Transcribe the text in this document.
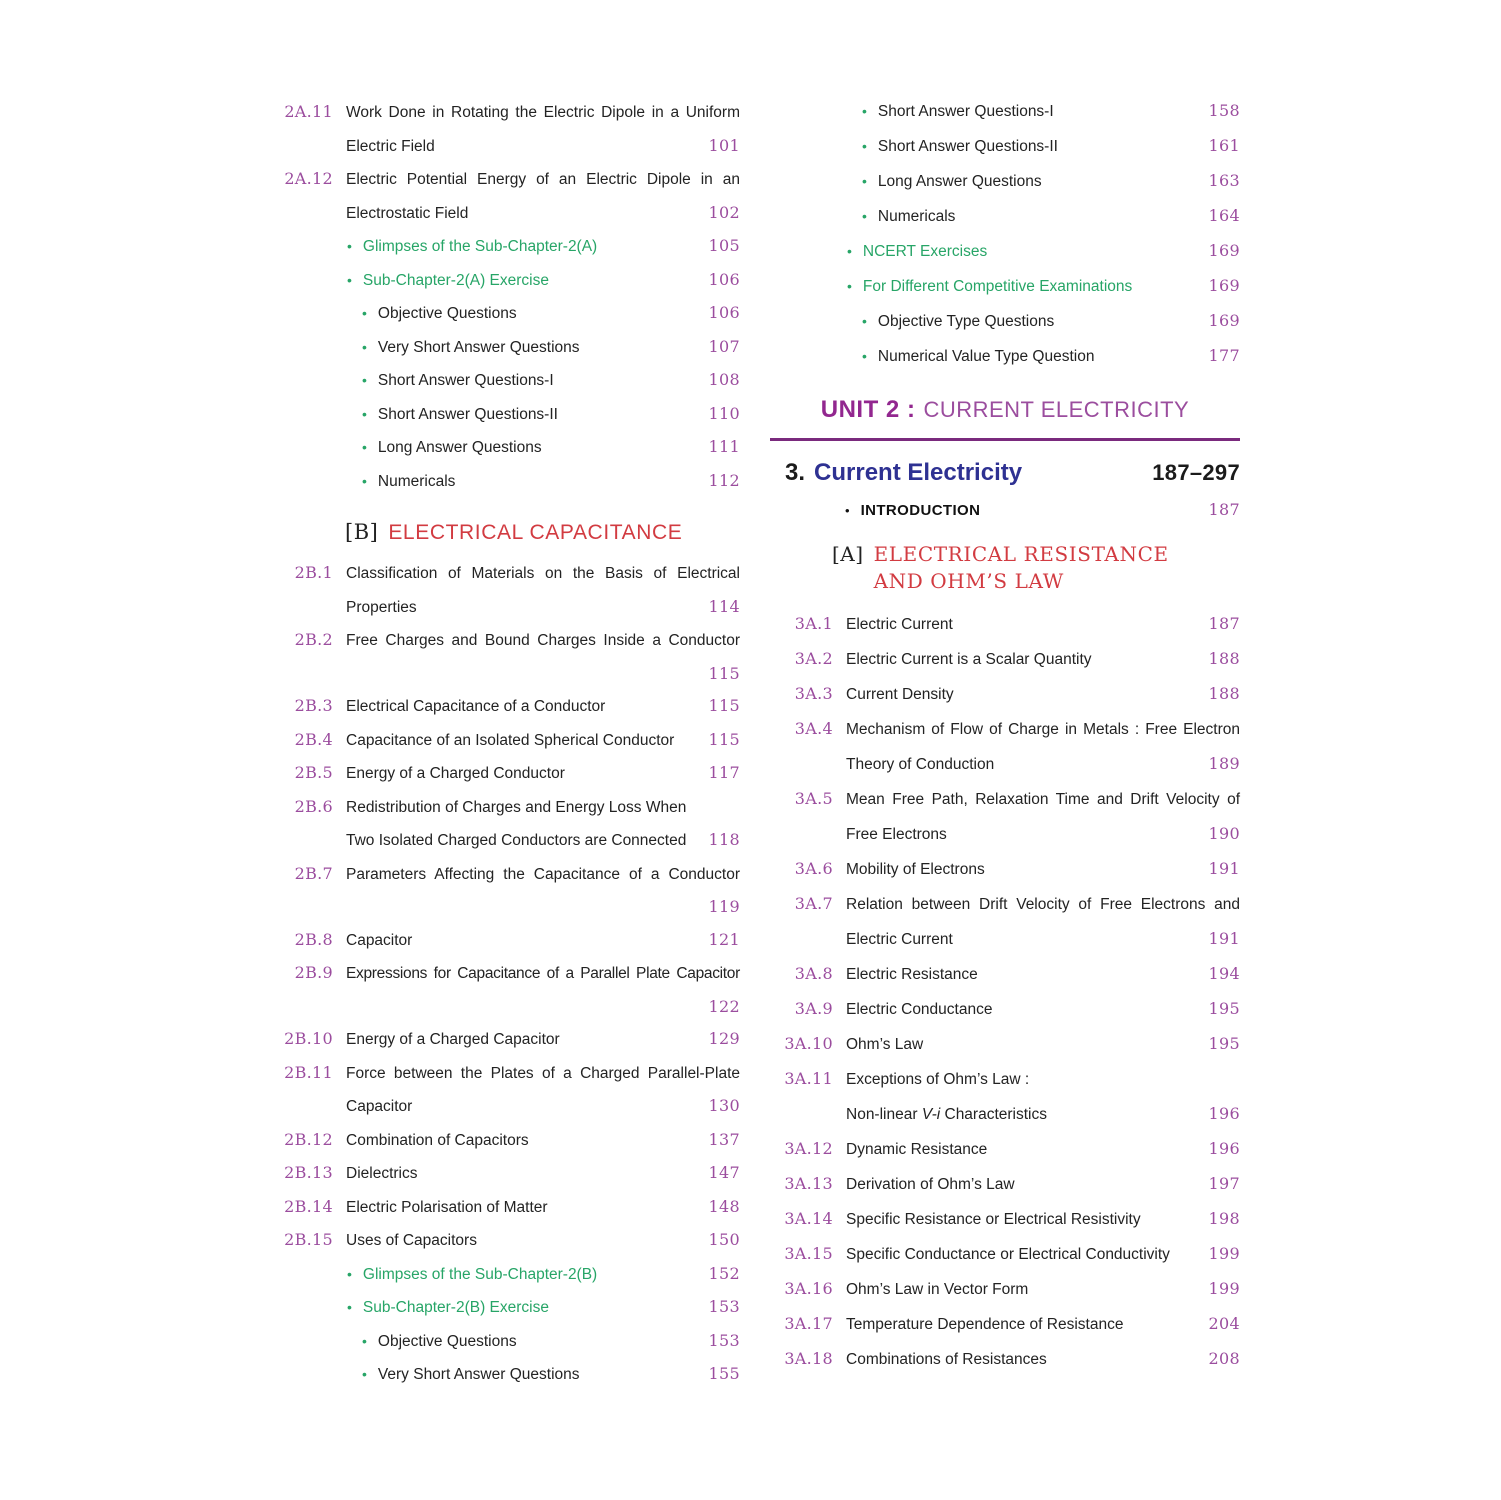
2A.11 Work Done in Rotating the Electric Dipole in a Uniform
Electric Field	101
2A.12 Electric Potential Energy of an Electric Dipole in an
Electrostatic Field	102
•
Glimpses of the Sub-Chapter-2(A)	105
•
Sub-Chapter-2(A) Exercise	106
•
Objective Questions	106
•
Very Short Answer Questions	107
•
Short Answer Questions-I	108
•
Short Answer Questions-II	110
•
Long Answer Questions	111
•
Numericals	112
[B] ELECTRICAL CAPACITANCE
2B.1 Classification of Materials on the Basis of Electrical
Properties	114
2B.2 Free Charges and Bound Charges Inside a Conductor
115
2B.3 Electrical Capacitance of a Conductor	115
2B.4 Capacitance of an Isolated Spherical Conductor	115
2B.5 Energy of a Charged Conductor	117
2B.6 Redistribution of Charges and Energy Loss When
Two Isolated Charged Conductors are Connected	118
2B.7 Parameters Affecting the Capacitance of a Conductor
119
2B.8 Capacitor	121
2B.9 Expressions for Capacitance of a Parallel Plate Capacitor
122
2B.10 Energy of a Charged Capacitor	129
2B.11 Force between the Plates of a Charged Parallel-Plate
Capacitor	130
2B.12 Combination of Capacitors	137
2B.13 Dielectrics	147
2B.14 Electric Polarisation of Matter	148
2B.15 Uses of Capacitors	150
•
Glimpses of the Sub-Chapter-2(B)	152
•
Sub-Chapter-2(B) Exercise	153
•
Objective Questions	153
•
Very Short Answer Questions	155
•
Short Answer Questions-I	158
•
Short Answer Questions-II	161
•
Long Answer Questions	163
•
Numericals	164
•
NCERT Exercises	169
•
For Different Competitive Examinations	169
•
Objective Type Questions	169
•
Numerical Value Type Question	177
UNIT 2 : CURRENT ELECTRICITY
3. Current Electricity	187–297
•
INTRODUCTION	187
[A] ELECTRICAL RESISTANCE
AND OHM’S LAW
3A.1 Electric Current	187
3A.2 Electric Current is a Scalar Quantity	188
3A.3 Current Density	188
3A.4 Mechanism of Flow of Charge in Metals : Free Electron
Theory of Conduction	189
3A.5 Mean Free Path, Relaxation Time and Drift Velocity of
Free Electrons	190
3A.6 Mobility of Electrons	191
3A.7 Relation between Drift Velocity of Free Electrons and
Electric Current	191
3A.8 Electric Resistance	194
3A.9 Electric Conductance	195
3A.10 Ohm’s Law	195
3A.11 Exceptions of Ohm’s Law :
Non-linear V-i Characteristics	196
3A.12 Dynamic Resistance	196
3A.13 Derivation of Ohm’s Law	197
3A.14 Specific Resistance or Electrical Resistivity	198
3A.15 Specific Conductance or Electrical Conductivity	199
3A.16 Ohm’s Law in Vector Form	199
3A.17 Temperature Dependence of Resistance	204
3A.18 Combinations of Resistances	208
